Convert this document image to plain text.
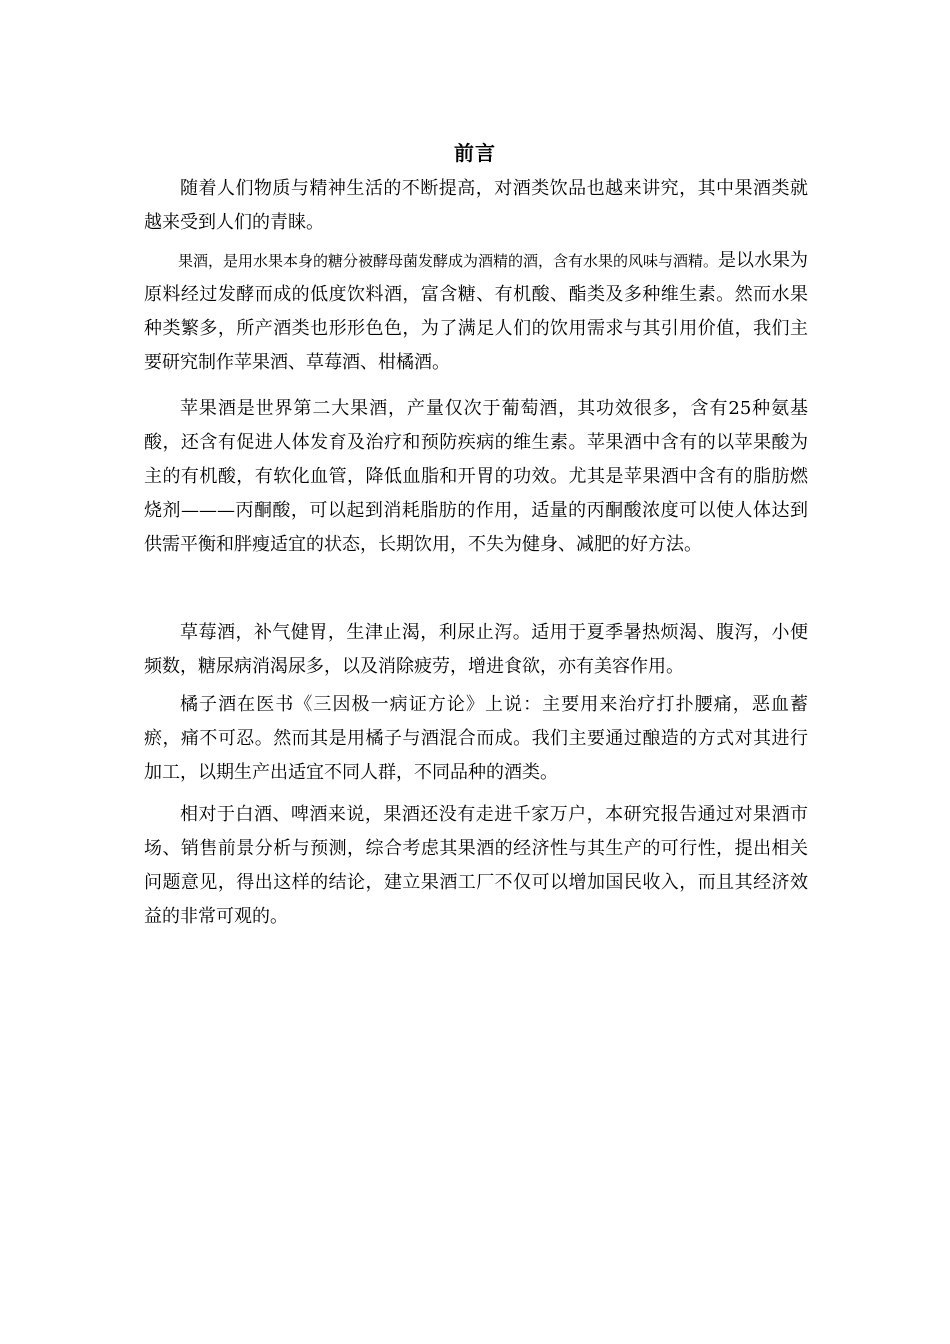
前言

随着人们物质与精神生活的不断提高，对酒类饮品也越来讲究，其中果酒类就越来受到人们的青睐。

果酒，是用水果本身的糖分被酵母菌发酵成为酒精的酒，含有水果的风味与酒精。是以水果为原料经过发酵而成的低度饮料酒，富含糖、有机酸、酯类及多种维生素。然而水果种类繁多，所产酒类也形形色色，为了满足人们的饮用需求与其引用价值，我们主要研究制作苹果酒、草莓酒、柑橘酒。

苹果酒是世界第二大果酒，产量仅次于葡萄酒，其功效很多，含有25种氨基酸，还含有促进人体发育及治疗和预防疾病的维生素。苹果酒中含有的以苹果酸为主的有机酸，有软化血管，降低血脂和开胃的功效。尤其是苹果酒中含有的脂肪燃烧剂———丙酮酸，可以起到消耗脂肪的作用，适量的丙酮酸浓度可以使人体达到供需平衡和胖瘦适宜的状态，长期饮用，不失为健身、减肥的好方法。

草莓酒，补气健胃，生津止渴，利尿止泻。适用于夏季暑热烦渴、腹泻，小便频数，糖尿病消渴尿多，以及消除疲劳，增进食欲，亦有美容作用。

橘子酒在医书《三因极一病证方论》上说：主要用来治疗打扑腰痛，恶血蓄瘀，痛不可忍。然而其是用橘子与酒混合而成。我们主要通过酿造的方式对其进行加工，以期生产出适宜不同人群，不同品种的酒类。

相对于白酒、啤酒来说，果酒还没有走进千家万户，本研究报告通过对果酒市场、销售前景分析与预测，综合考虑其果酒的经济性与其生产的可行性，提出相关问题意见，得出这样的结论，建立果酒工厂不仅可以增加国民收入，而且其经济效益的非常可观的。
